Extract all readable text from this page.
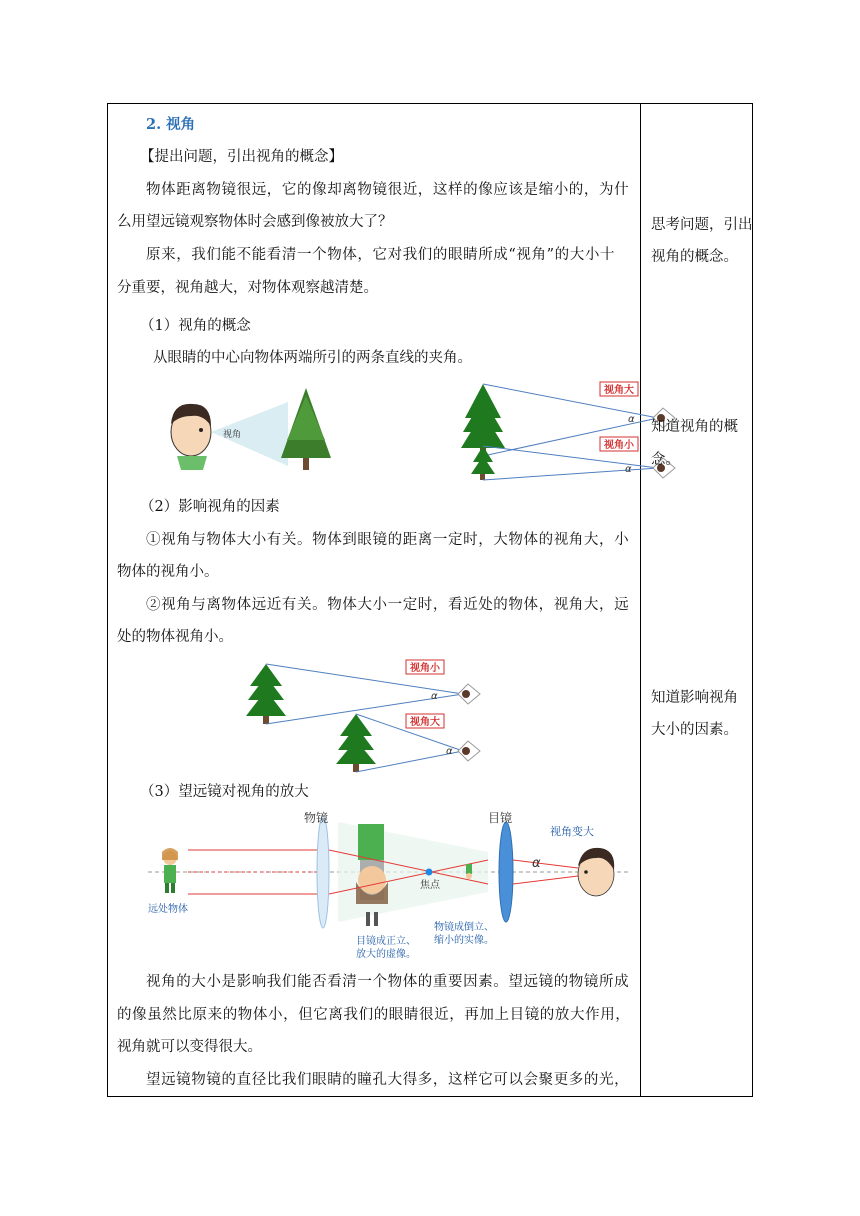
2. 视角
【提出问题，引出视角的概念】
物体距离物镜很远，它的像却离物镜很近，这样的像应该是缩小的，为什
么用望远镜观察物体时会感到像被放大了？
原来，我们能不能看清一个物体，它对我们的眼睛所成“视角”的大小十
分重要，视角越大，对物体观察越清楚。
（1）视角的概念
从眼睛的中心向物体两端所引的两条直线的夹角。
视角
视角大
α
视角小
α
（2）影响视角的因素
①视角与物体大小有关。物体到眼镜的距离一定时，大物体的视角大，小
物体的视角小。
②视角与离物体远近有关。物体大小一定时，看近处的物体，视角大，远
处的物体视角小。
视角小
α
视角大
α
（3）望远镜对视角的放大
远处物体
物镜
焦点
目镜
α
视角变大
目镜成正立、
放大的虚像。
物镜成倒立、
缩小的实像。
视角的大小是影响我们能否看清一个物体的重要因素。望远镜的物镜所成
的像虽然比原来的物体小，但它离我们的眼睛很近，再加上目镜的放大作用，
视角就可以变得很大。
望远镜物镜的直径比我们眼睛的瞳孔大得多，这样它可以会聚更多的光，
思考问题，引出
视角的概念。
知道视角的概
念。
知道影响视角
大小的因素。
